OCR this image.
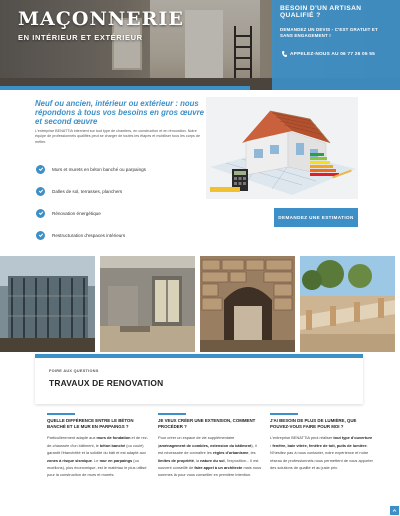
MAÇONNERIE
EN INTÉRIEUR ET EXTÉRIEUR
BESOIN D'UN ARTISAN QUALIFIÉ ?
DEMANDEZ UN DEVIS - C'EST GRATUIT ET SANS ENGAGEMENT !
APPELEZ-NOUS AU 06 77 26 05 55
Neuf ou ancien, intérieur ou extérieur : nous répondons à tous vos besoins en gros œuvre et second œuvre
L'entreprise BENATTIA intervient sur tout type de chantiers, en construction et en rénovation. Notre équipe de professionnels qualifiés peut se charger de toutes les étapes et mobiliser tous les corps de métier.
Murs et murets en béton banché ou parpaings
Dalles de sol, terrasses, planchers
Rénovation énergétique
Restructuration d'espaces intérieurs
DEMANDEZ UNE ESTIMATION
FOIRE AUX QUESTIONS
TRAVAUX DE RENOVATION
QUELLE DIFFÉRENCE ENTRE LE BÉTON BANCHÉ ET LE MUR EN PARPAINGS ?
Particulièrement adapté aux murs de fondation et de rez-de-chaussée d'un bâtiment, le béton banché (ou coulé) garantit l'étanchéité et la solidité du bâti et est adapté aux zones à risque sismique. Le mur en parpaings (ou moellons), plus économique, est le matériau le plus utilisé pour la construction de murs et murets.
JE VEUX CRÉER UNE EXTENSION, COMMENT PROCÉDER ?
Pour créer un espace de vie supplémentaire (aménagement de combles, extension du bâtiment), il est nécessaire de connaître les règles d'urbanisme, les limites de propriété, la nature du sol, l'exposition... Il est souvent conseillé de faire appel à un architecte mais nous sommes là pour vous conseiller en première intention.
J'AI BESOIN DE PLUS DE LUMIÈRE, QUE POUVEZ-VOUS FAIRE POUR MOI ?
L'entreprise BENATTIA peut réaliser tout type d'ouverture : fenêtre, baie vitrée, fenêtre de toit, puits de lumière. N'hésitez pas à nous contacter, notre expérience et notre réseau de professionnels nous permettent de vous apporter des solutions de qualité et au juste prix.
